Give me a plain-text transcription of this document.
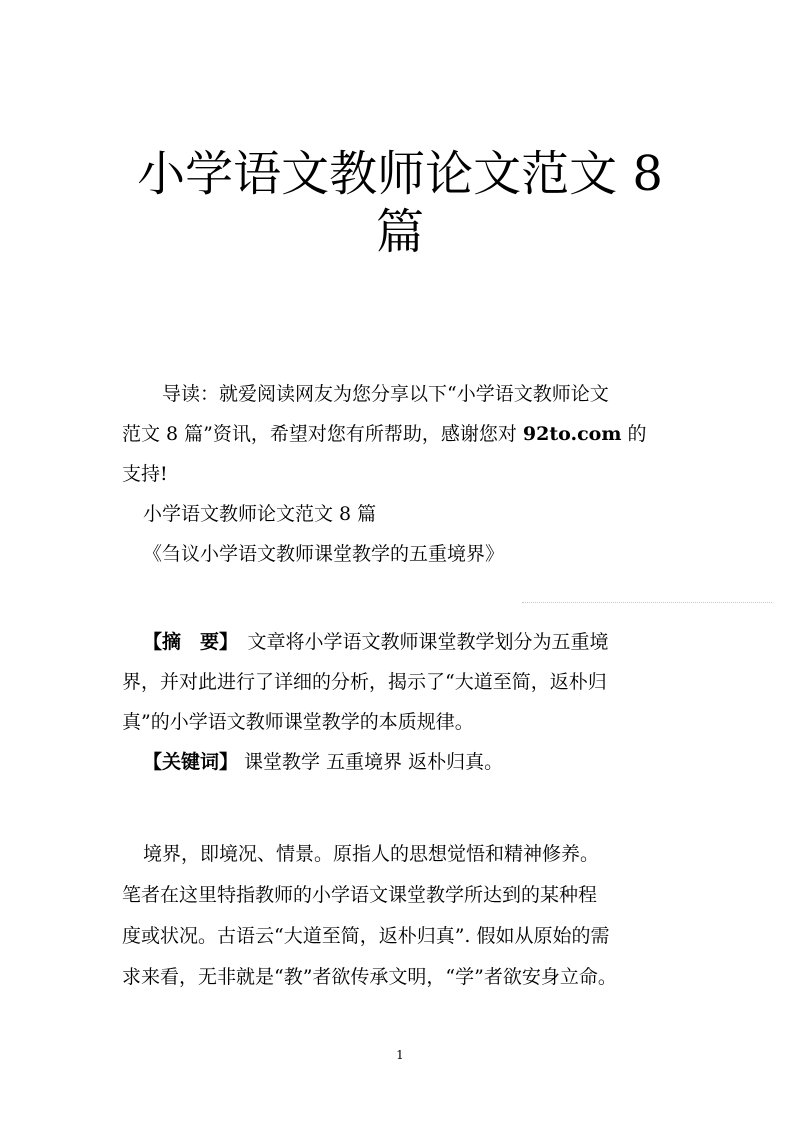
小学语文教师论文范文 8
篇

导读：就爱阅读网友为您分享以下“小学语文教师论文

范文 8 篇”资讯，希望对您有所帮助，感谢您对 92to.com 的

支持!

小学语文教师论文范文 8 篇

《刍议小学语文教师课堂教学的五重境界》

【摘　要】　文章将小学语文教师课堂教学划分为五重境

界，并对此进行了详细的分析，揭示了“大道至简，返朴归

真”的小学语文教师课堂教学的本质规律。

【关键词】 课堂教学 五重境界 返朴归真。

境界，即境况、情景。原指人的思想觉悟和精神修养。

笔者在这里特指教师的小学语文课堂教学所达到的某种程

度或状况。古语云“大道至简，返朴归真”. 假如从原始的需

求来看，无非就是“教”者欲传承文明，“学”者欲安身立命。

1
